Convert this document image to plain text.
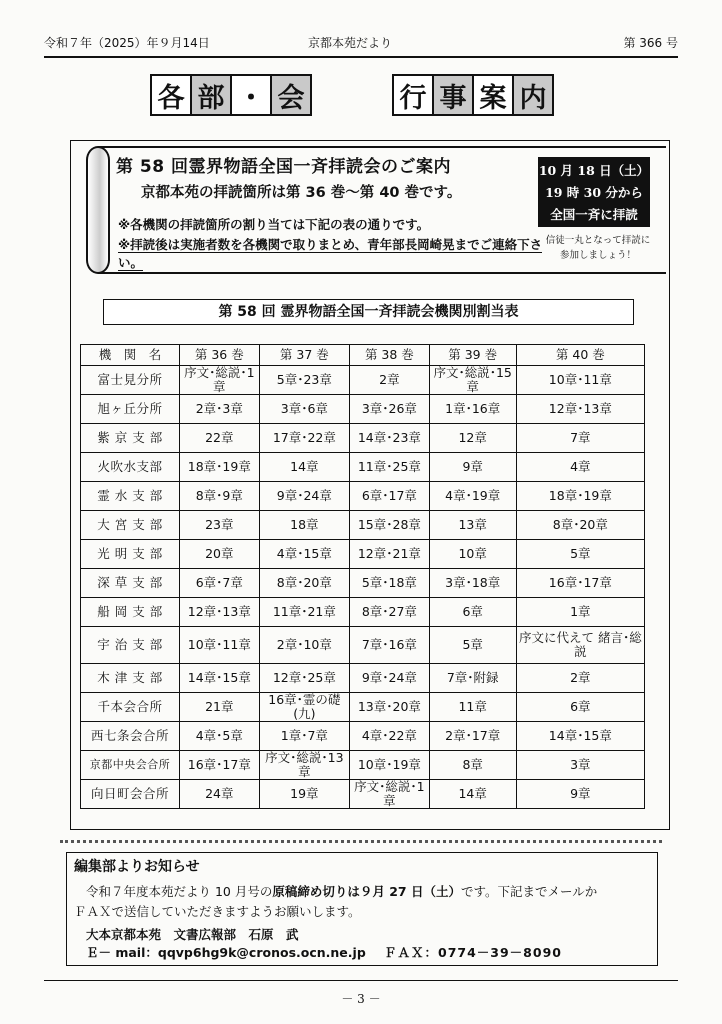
令和７年（2025）年９月14日	京都本苑だより	第 366 号
各 部 ・ 会	行 事 案 内
第 58 回霊界物語全国一斉拝読会のご案内
京都本苑の拝読箇所は第 36 巻～第 40 巻です。
※各機関の拝読箇所の割り当ては下記の表の通りです。
※拝読後は実施者数を各機関で取りまとめ、青年部長岡崎晃までご連絡下さい。
10 月 18 日（土）
19 時 30 分から
全国一斉に拝読
信徒一丸となって拝読に
参加しましょう！
第 58 回 霊界物語全国一斉拝読会機関別割当表
機　関　名	第 36 巻	第 37 巻	第 38 巻	第 39 巻	第 40 巻
富士見分所	序文･総説･1章	5章･23章	2章	序文･総説･15章	10章･11章
旭ヶ丘分所	2章･3章	3章･6章	3章･26章	1章･16章	12章･13章
紫 京 支 部	22章	17章･22章	14章･23章	12章	7章
火吹水支部	18章･19章	14章	11章･25章	9章	4章
霊 水 支 部	8章･9章	9章･24章	6章･17章	4章･19章	18章･19章
大 宮 支 部	23章	18章	15章･28章	13章	8章･20章
光 明 支 部	20章	4章･15章	12章･21章	10章	5章
深 草 支 部	6章･7章	8章･20章	5章･18章	3章･18章	16章･17章
船 岡 支 部	12章･13章	11章･21章	8章･27章	6章	1章
宇 治 支 部	10章･11章	2章･10章	7章･16章	5章	序文に代えて 緒言･総説
木 津 支 部	14章･15章	12章･25章	9章･24章	7章･附録	2章
千本会合所	21章	16章･霊の礎(九)	13章･20章	11章	6章
西七条会合所	4章･5章	1章･7章	4章･22章	2章･17章	14章･15章
京都中央会合所	16章･17章	序文･総説･13章	10章･19章	8章	3章
向日町会合所	24章	19章	序文･総説･1章	14章	9章
編集部よりお知らせ
令和７年度本苑だより 10 月号の原稿締め切りは９月 27 日（土）です。下記までメールか
ＦＡＸで送信していただきますようお願いします。
大本京都本苑　文書広報部　石原　武
Ｅ－ mail：qqvp6hg9k@cronos.ocn.ne.jp ＦＡＸ：0774－39－8090
－ 3 －
